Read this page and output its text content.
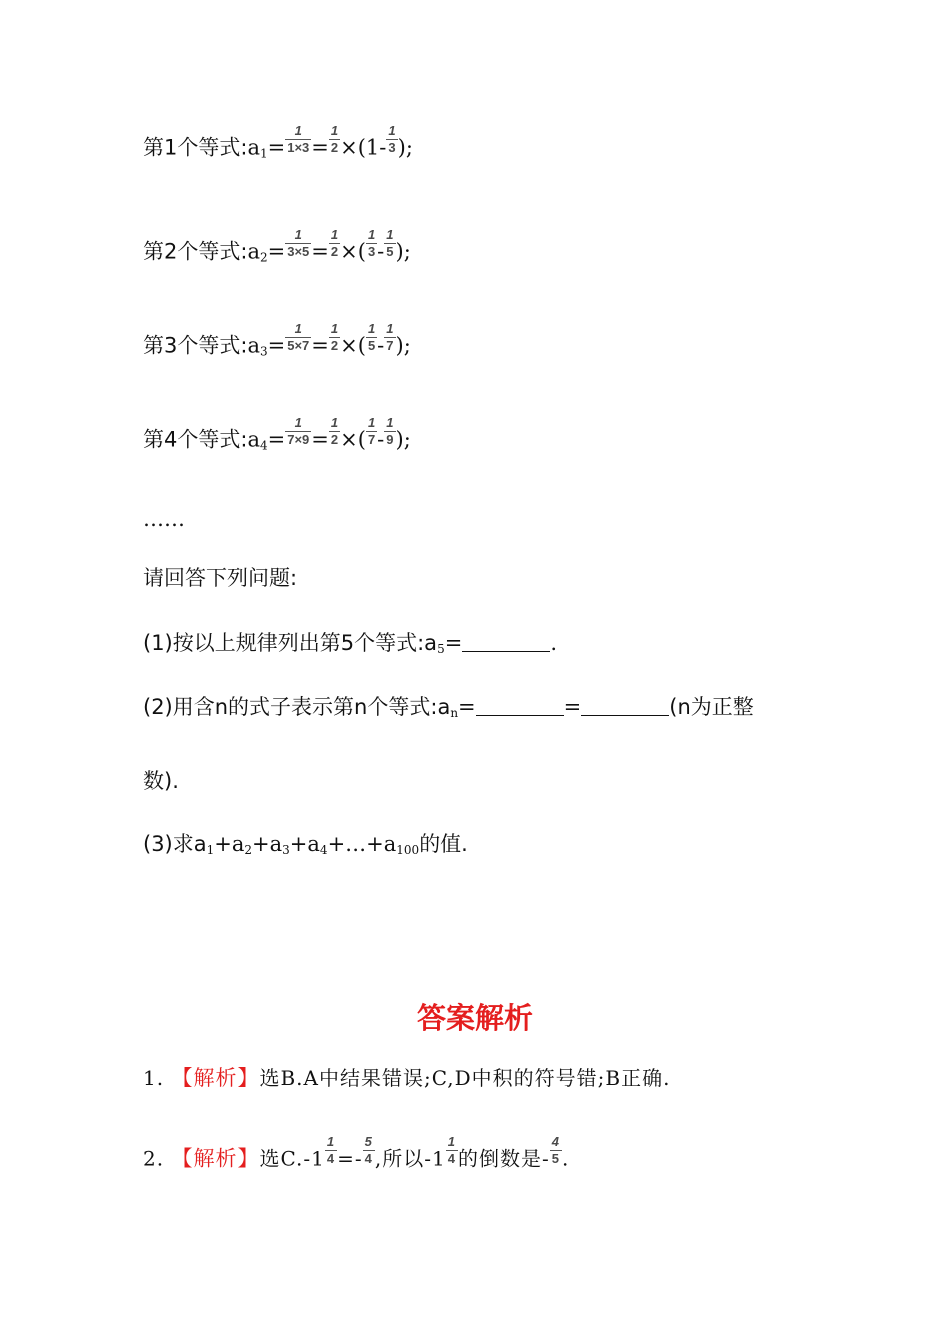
第1个等式$:a_1= \frac{1}{1\times 3} = \frac{1}{2} \times(1- \frac{1}{3}$ );
第2个等式$:a_2= \frac{1}{3\times 5} = \frac{1}{2}$ ×( $\frac{1}{3} - \frac{1}{5}$ );
第3个等式$:a_3= \frac{1}{5\times 7} = \frac{1}{2}$ ×( $\frac{1}{5} - \frac{1}{7}$ );
第4个等式$:a_4= \frac{1}{7\times 9} = \frac{1}{2}$ ×( $\frac{1}{7} - \frac{1}{9}$ );
……
请回答下列问题:
(1)按以上规律列出第5个等式$:a_5=$	.
(2)用含n的式子表示第n个等式$:a_n=$	=	(n为正整
数).
(3)求$a_1+a_2+a_3+a_4+\dots+a_{100}$的值.
答案解析
1. 【解析】选B.A中结果错误;C,D中积的符号错;B正确.
2. 【解析】选$C.-1 \frac{1}{4} =- \frac{5}{4}$ ,所以$-1 \frac{1}{4}$ 的倒数是- $\frac{4}{5}$ .
